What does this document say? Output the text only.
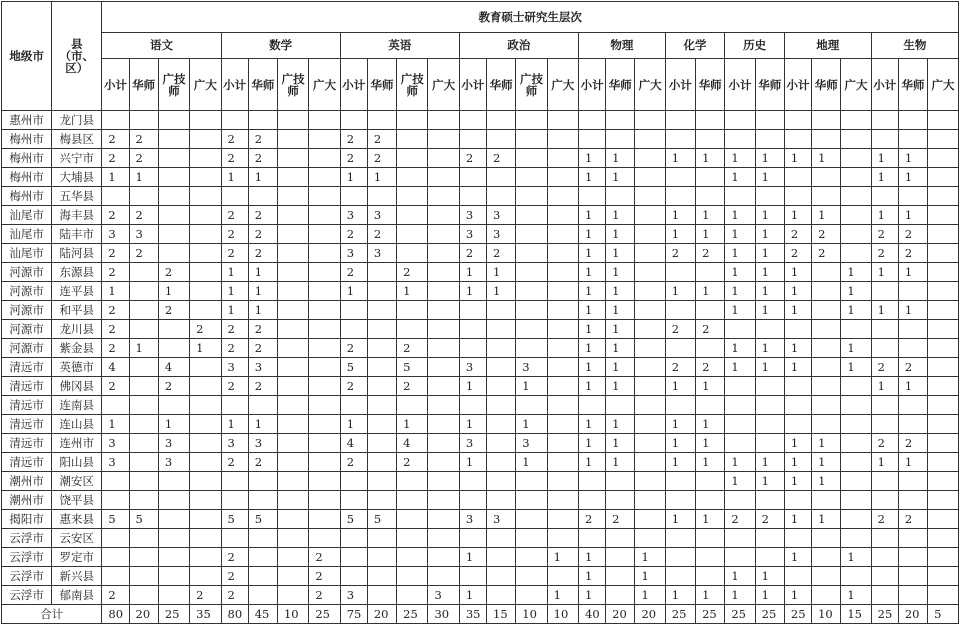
地级市	县（市、区）	教育硕士研究生层次																												
		语文				数学				英语				政治				物理			化学		历史		地理			生物		
		小计	华师	广技师	广大	小计	华师	广技师	广大	小计	华师	广技师	广大	小计	华师	广技师	广大	小计	华师	广大	小计	华师	小计	华师	小计	华师	广大	小计	华师	广大
惠州市	龙门县																													
梅州市	梅县区	2	2			2	2			2	2																			
梅州市	兴宁市	2	2			2	2			2	2			2	2			1	1		1	1	1	1	1	1		1	1	
梅州市	大埔县	1	1			1	1			1	1							1	1				1	1				1	1	
梅州市	五华县																													
汕尾市	海丰县	2	2			2	2			3	3			3	3			1	1		1	1	1	1	1	1		1	1	
汕尾市	陆丰市	3	3			2	2			2	2			3	3			1	1		1	1	1	1	2	2		2	2	
汕尾市	陆河县	2	2			2	2			3	3			2	2			1	1		2	2	1	1	2	2		2	2	
河源市	东源县	2		2		1	1			2		2		1	1			1	1				1	1	1		1	1	1	
河源市	连平县	1		1		1	1			1		1		1	1			1	1		1	1	1	1	1		1			
河源市	和平县	2		2		1	1											1	1				1	1	1		1	1	1	
河源市	龙川县	2			2	2	2											1	1		2	2								
河源市	紫金县	2	1		1	2	2			2		2						1	1				1	1	1		1			
清远市	英德市	4		4		3	3			5		5		3		3		1	1		2	2	1	1	1		1	2	2	
清远市	佛冈县	2		2		2	2			2		2		1		1		1	1		1	1						1	1	
清远市	连南县																													
清远市	连山县	1		1		1	1			1		1		1		1		1	1		1	1								
清远市	连州市	3		3		3	3			4		4		3		3		1	1		1	1			1	1		2	2	
清远市	阳山县	3		3		2	2			2		2		1		1		1	1		1	1	1	1	1	1		1	1	
潮州市	潮安区																						1	1	1	1				
潮州市	饶平县																													
揭阳市	惠来县	5	5			5	5			5	5			3	3			2	2		1	1	2	2	1	1		2	2	
云浮市	云安区																													
云浮市	罗定市					2			2					1			1	1		1					1		1			
云浮市	新兴县					2			2									1		1			1	1						
云浮市	郁南县	2			2	2			2	3			3	1			1	1		1	1	1	1	1	1		1			
合计		80	20	25	35	80	45	10	25	75	20	25	30	35	15	10	10	40	20	20	25	25	25	25	25	10	15	25	20	5
